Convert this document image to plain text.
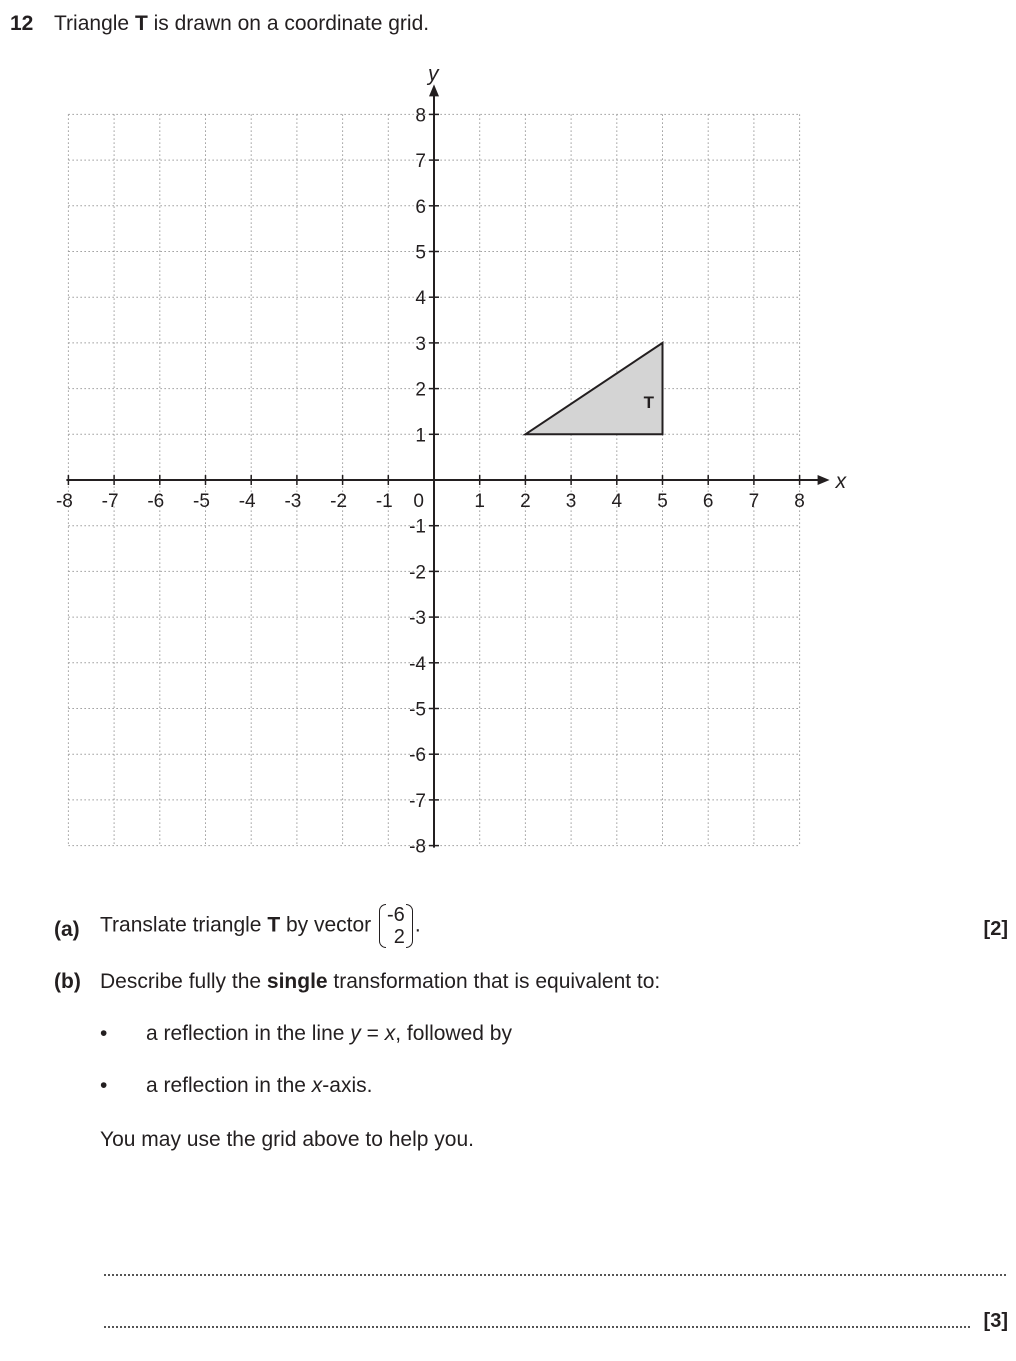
12 Triangle T is drawn on a coordinate grid.
T
x
y
-8 -7 -6 -5 -4 -3 -2 -1	1 2 3 4 5 6 7 8
8
7
6
5
4
3
2
1
-1
-2
-3
-4
-5
-6
-7
-8
0
(a) Translate triangle T by vector -6
2
.	[2]
(b) Describe fully the single transformation that is equivalent to:
• a reflection in the line y = x, followed by
• a reflection in the x-axis.
You may use the grid above to help you.
[3]
